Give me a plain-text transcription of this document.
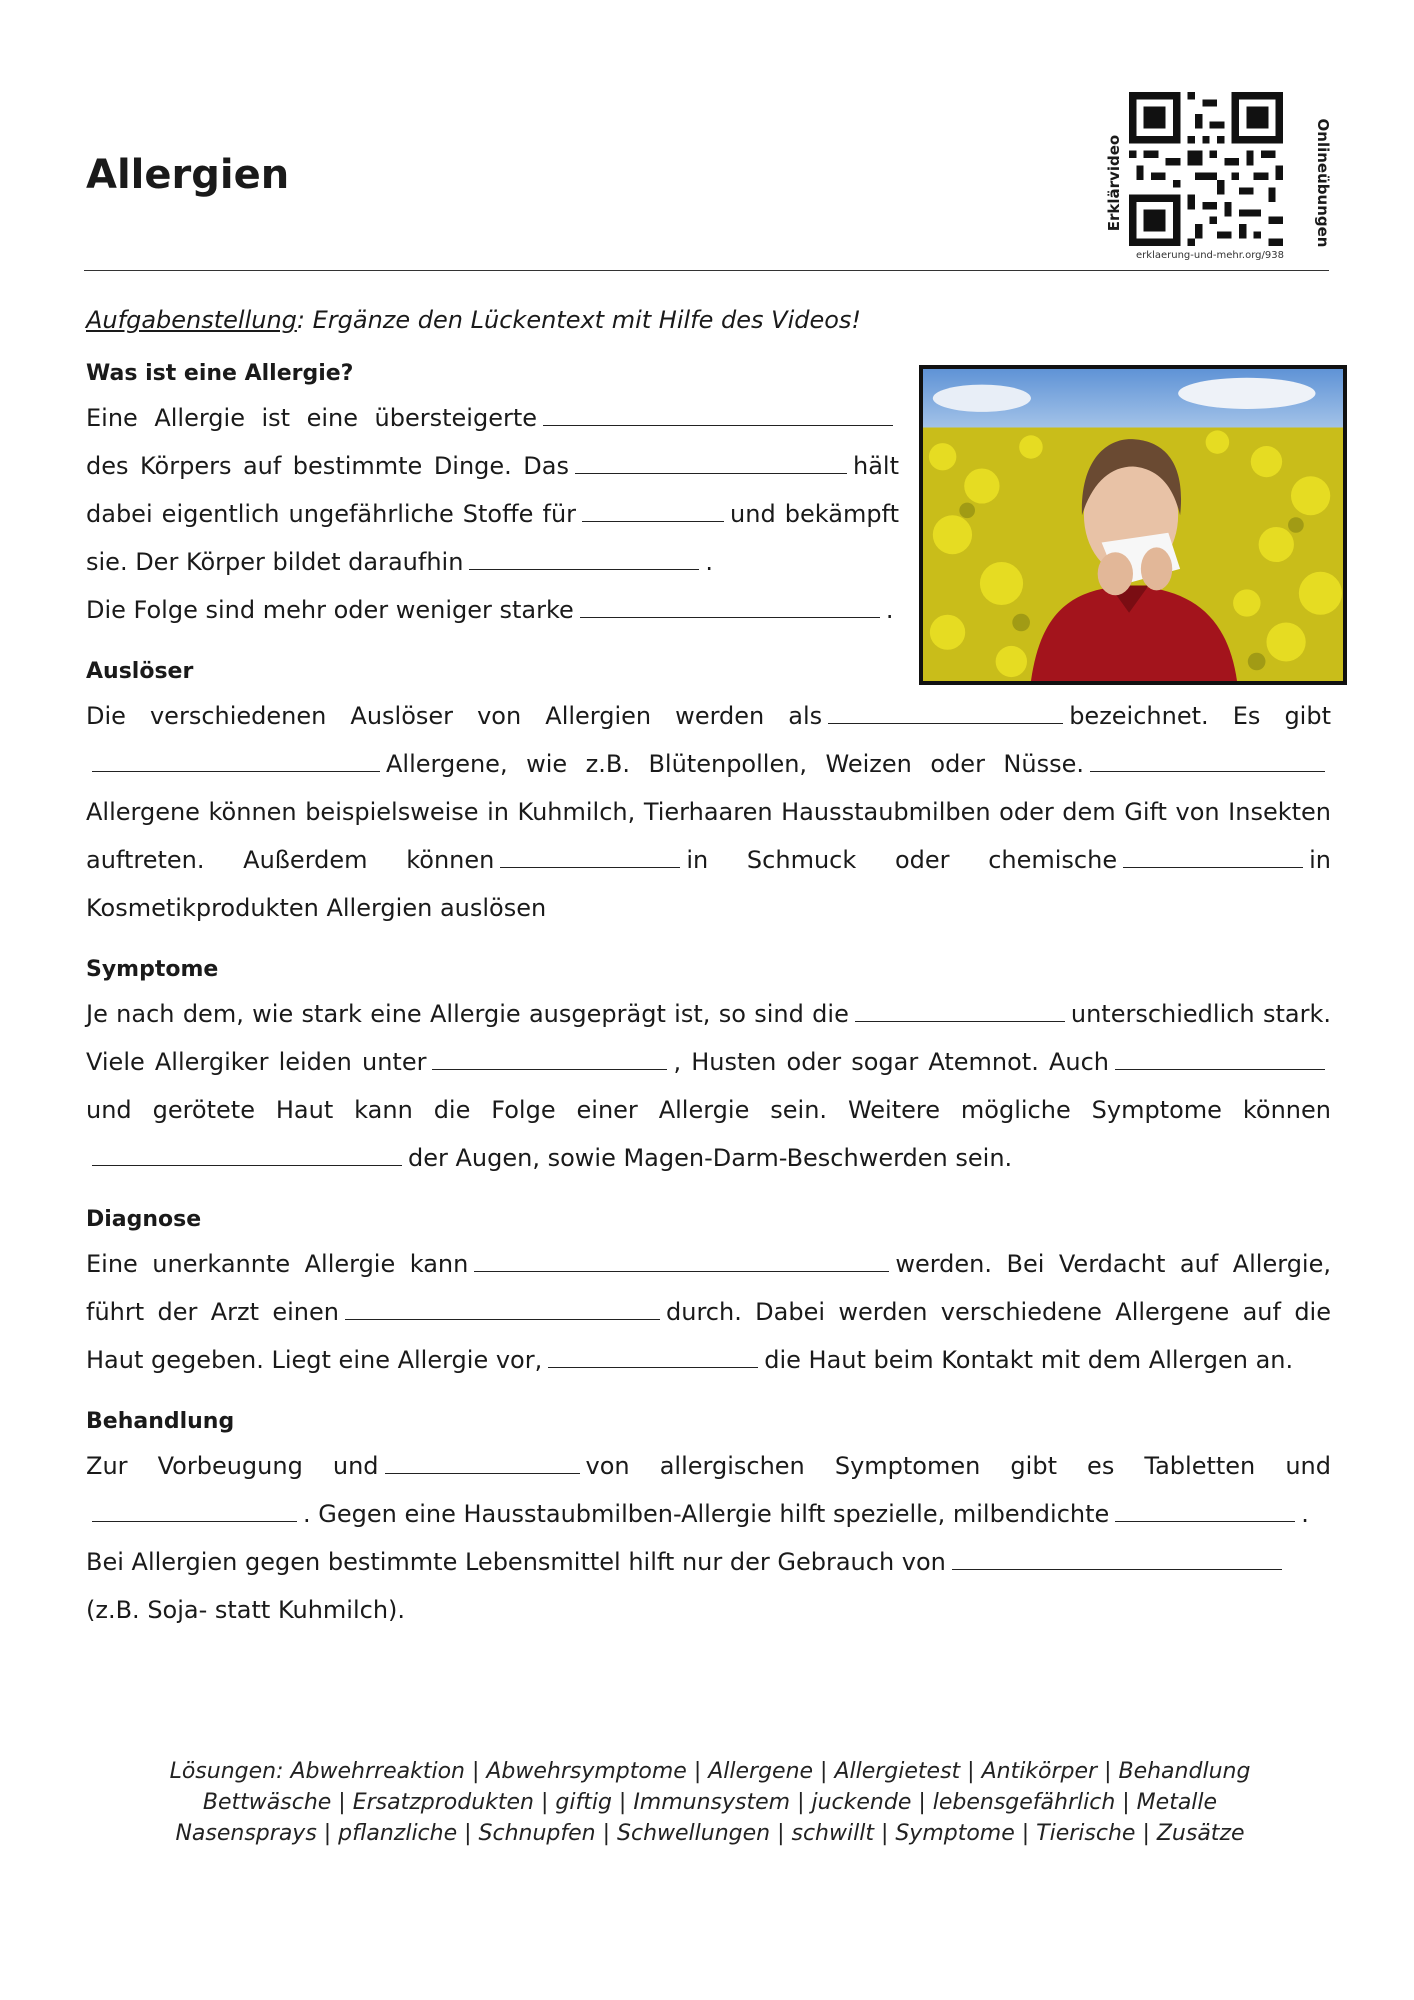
Allergien	Erklärvideo	Onlineübungen
erklaerung-und-mehr.org/938

Aufgabenstellung: Ergänze den Lückentext mit Hilfe des Videos!

Was ist eine Allergie?

Eine Allergie ist eine übersteigertedes Körpers auf bestimmte Dinge. Das	hält dabei eigentlich ungefährliche Stoffe für	und bekämpft sie. Der Körper bildet daraufhin	.
Die Folge sind mehr oder weniger starke	.

Auslöser

Die verschiedenen Auslöser von Allergien werden als	bezeichnet. Es gibtAllergene, wie z.B. Blütenpollen, Weizen oder Nüsse.Allergene können beispielsweise in Kuhmilch, Tierhaaren Hausstaubmilben oder dem Gift von Insekten auftreten. Außerdem können	in Schmuck oder chemische	in Kosmetikprodukten Allergien auslösen

Symptome

Je nach dem, wie stark eine Allergie ausgeprägt ist, so sind die	unterschiedlich stark. Viele Allergiker leiden unter	, Husten oder sogar Atemnot. Auchund gerötete Haut kann die Folge einer Allergie sein. Weitere mögliche Symptome könnender Augen, sowie Magen-Darm-Beschwerden sein.

Diagnose

Eine unerkannte Allergie kann	werden. Bei Verdacht auf Allergie, führt der Arzt einen	durch. Dabei werden verschiedene Allergene auf die Haut gegeben. Liegt eine Allergie vor,	die Haut beim Kontakt mit dem Allergen an.

Behandlung

Zur Vorbeugung und	von allergischen Symptomen gibt es Tabletten und. Gegen eine Hausstaubmilben-Allergie hilft spezielle, milbendichte	.
Bei Allergien gegen bestimmte Lebensmittel hilft nur der Gebrauch von
(z.B. Soja- statt Kuhmilch).

Lösungen: Abwehrreaktion | Abwehrsymptome | Allergene | Allergietest | Antikörper | Behandlung

Bettwäsche | Ersatzprodukten | giftig | Immunsystem | juckende | lebensgefährlich | Metalle

Nasensprays | pflanzliche | Schnupfen | Schwellungen | schwillt | Symptome | Tierische | Zusätze
